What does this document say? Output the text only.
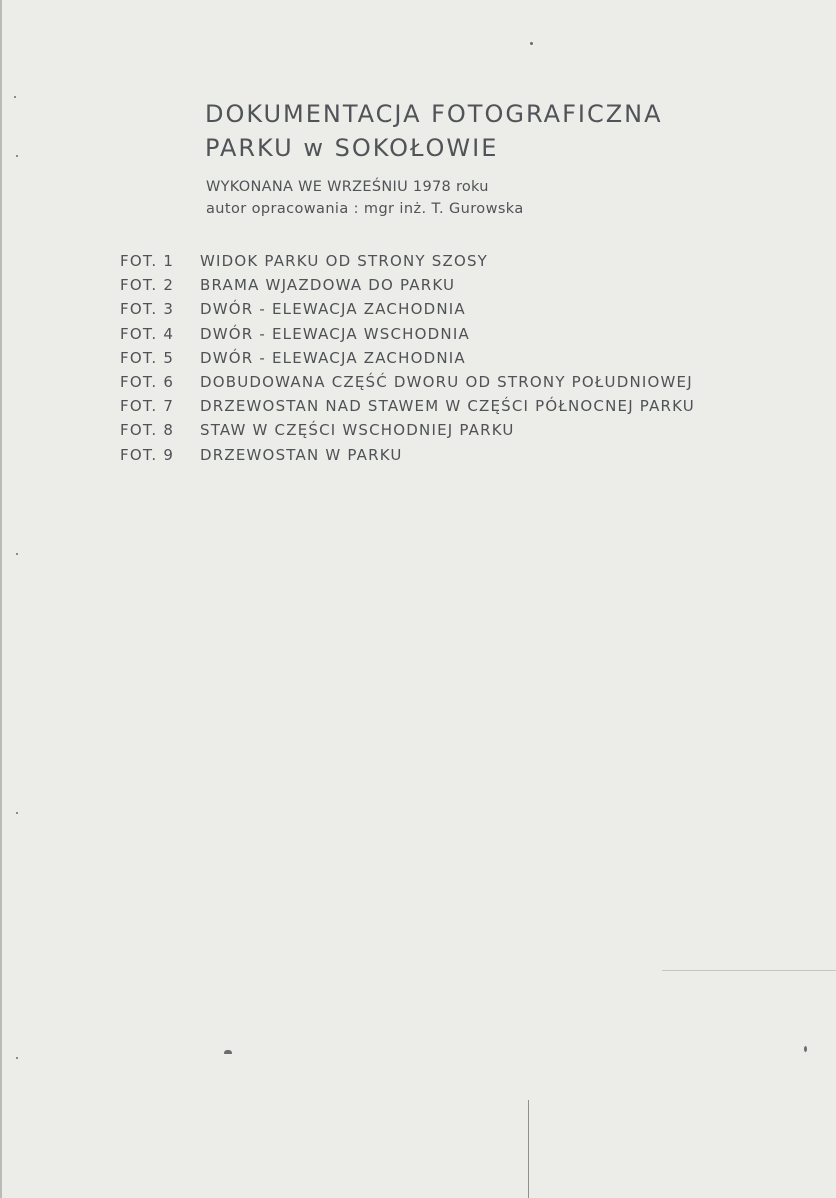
DOKUMENTACJA FOTOGRAFICZNA
PARKU w SOKOŁOWIE
WYKONANA WE WRZEŚNIU 1978 roku
autor opracowania : mgr inż. T. Gurowska
FOT. 1 WIDOK PARKU OD STRONY SZOSY
FOT. 2 BRAMA WJAZDOWA DO PARKU
FOT. 3 DWÓR - ELEWACJA ZACHODNIA
FOT. 4 DWÓR - ELEWACJA WSCHODNIA
FOT. 5 DWÓR - ELEWACJA ZACHODNIA
FOT. 6 DOBUDOWANA CZĘŚĆ DWORU OD STRONY POŁUDNIOWEJ
FOT. 7 DRZEWOSTAN NAD STAWEM W CZĘŚCI PÓŁNOCNEJ PARKU
FOT. 8 STAW W CZĘŚCI WSCHODNIEJ PARKU
FOT. 9 DRZEWOSTAN W PARKU
